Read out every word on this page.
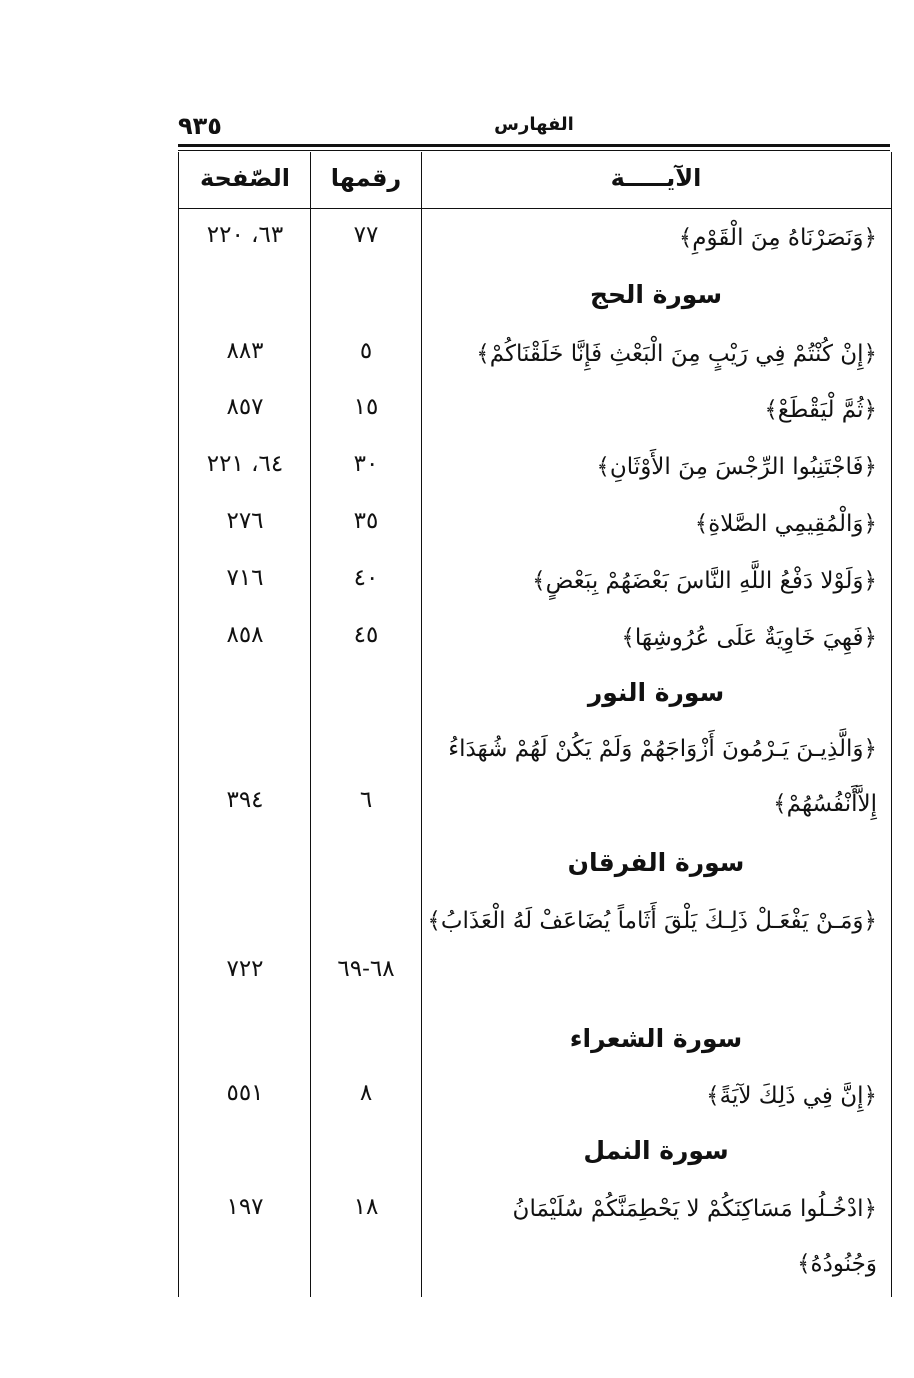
٩٣٥	الفهارس
الآيـــــة
رقمها
الصّفحة
﴿وَنَصَرْنَاهُ مِنَ الْقَوْمِ﴾
٧٧
٦٣، ٢٢٠
سورة الحج
﴿إِنْ كُنْتُمْ فِي رَيْبٍ مِنَ الْبَعْثِ فَإِنَّا خَلَقْنَاكُمْ﴾
٥
٨٨٣
﴿ثُمَّ لْيَقْطَعْ﴾
١٥
٨٥٧
﴿فَاجْتَنِبُوا الرِّجْسَ مِنَ الأَوْثَانِ﴾
٣٠
٦٤، ٢٢١
﴿وَالْمُقِيمِي الصَّلاةِ﴾
٣٥
٢٧٦
﴿وَلَوْلا دَفْعُ اللَّهِ النَّاسَ بَعْضَهُمْ بِبَعْضٍ﴾
٤٠
٧١٦
﴿فَهِيَ خَاوِيَةٌ عَلَى عُرُوشِهَا﴾
٤٥
٨٥٨
سورة النور
﴿وَالَّذِيـنَ يَـرْمُونَ أَزْوَاجَهُمْ وَلَمْ يَكُنْ لَهُمْ شُهَدَاءُ إِلاَّأَنْفُسُهُمْ﴾
٦
٣٩٤
سورة الفرقان
﴿وَمَـنْ يَفْعَـلْ ذَلِـكَ يَلْقَ أَثَاماً يُضَاعَفْ لَهُ الْعَذَابُ﴾
٦٨-٦٩
٧٢٢
سورة الشعراء
﴿إِنَّ فِي ذَلِكَ لآيَةً﴾
٨
٥٥١
سورة النمل
﴿ادْخُـلُوا مَسَاكِنَكُمْ لا يَحْطِمَنَّكُمْ سُلَيْمَانُ وَجُنُودُهُ﴾
١٨
١٩٧
